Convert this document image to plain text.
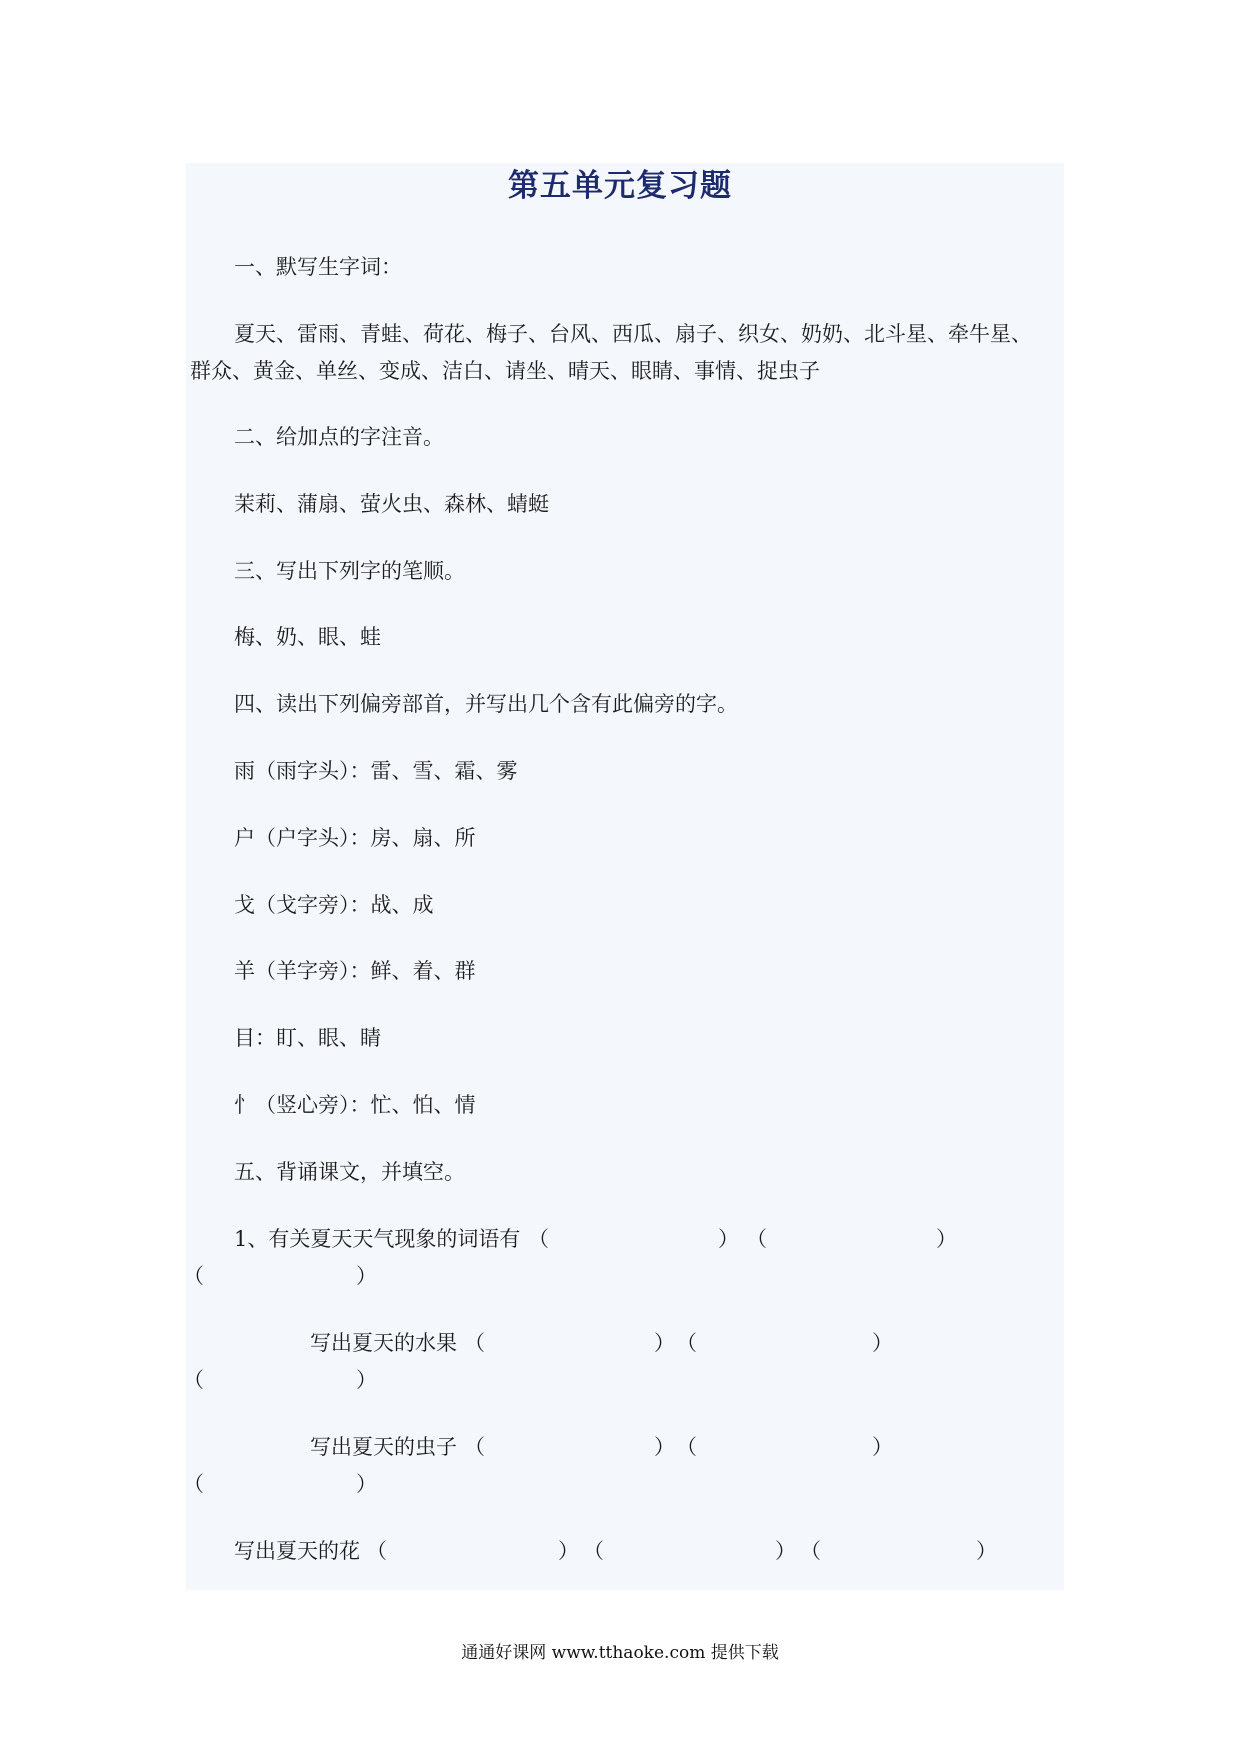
第五单元复习题
一、默写生字词：
夏天、雷雨、青蛙、荷花、梅子、台风、西瓜、扇子、织女、奶奶、北斗星、牵牛星、
群众、黄金、单丝、变成、洁白、请坐、晴天、眼睛、事情、捉虫子
二、给加点的字注音。
茉莉、蒲扇、萤火虫、森林、蜻蜓
三、写出下列字的笔顺。
梅、奶、眼、蛙
四、读出下列偏旁部首，并写出几个含有此偏旁的字。
雨（雨字头）：雷、雪、霜、雾
户（户字头）：房、扇、所
戈（戈字旁）：战、成
羊（羊字旁）：鲜、着、群
目：盯、眼、睛
忄（竖心旁）：忙、怕、情
五、背诵课文，并填空。
1、有关夏天天气现象的词语有 （	） （	）
（	）
写出夏天的水果 （	） （	）
（	）
写出夏天的虫子 （	） （	）
（	）
写出夏天的花 （	） （	） （	）
通通好课网 www.tthaoke.com 提供下载
